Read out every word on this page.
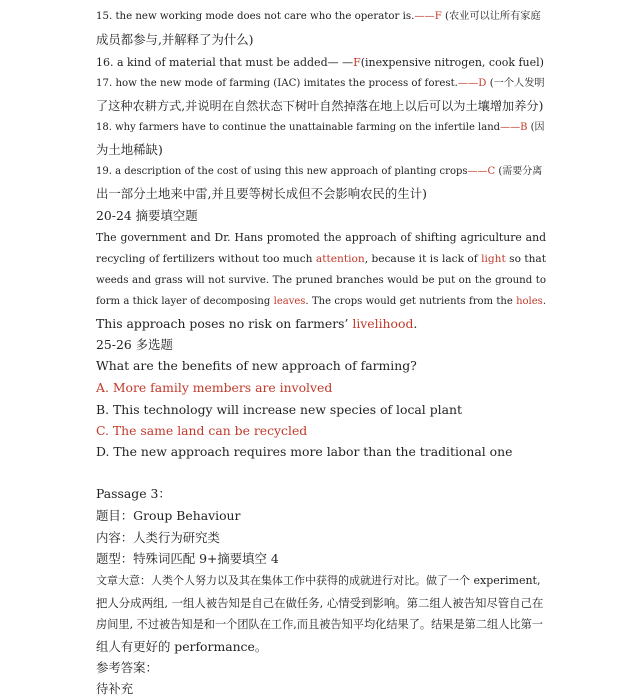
15. the new working mode does not care who the operator is.——F (农业可以让所有家庭
成员都参与,并解释了为什么)
16. a kind of material that must be added— —F(inexpensive nitrogen, cook fuel)
17. how the new mode of farming (IAC) imitates the process of forest.——D (一个人发明
了这种农耕方式,并说明在自然状态下树叶自然掉落在地上以后可以为土壤增加养分)
18. why farmers have to continue the unattainable farming on the infertile land——B (因
为土地稀缺)
19. a description of the cost of using this new approach of planting crops——C (需要分离
出一部分土地来中雷,并且要等树长成但不会影响农民的生计)
20-24 摘要填空题
The government and Dr. Hans promoted the approach of shifting agriculture and
recycling of fertilizers without too much attention, because it is lack of light so that
weeds and grass will not survive. The pruned branches would be put on the ground to
form a thick layer of decomposing leaves. The crops would get nutrients from the holes.
This approach poses no risk on farmers’ livelihood.
25-26 多选题
What are the benefits of new approach of farming?
A. More family members are involved
B. This technology will increase new species of local plant
C. The same land can be recycled
D. The new approach requires more labor than the traditional one
Passage 3：
题目：Group Behaviour
内容：人类行为研究类
题型：特殊词匹配 9+摘要填空 4
文章大意：人类个人努力以及其在集体工作中获得的成就进行对比。做了一个 experiment,
把人分成两组, 一组人被告知是自己在做任务, 心情受到影响。第二组人被告知尽管自己在
房间里, 不过被告知是和一个团队在工作,而且被告知平均化结果了。结果是第二组人比第一
组人有更好的 performance。
参考答案：
待补充
